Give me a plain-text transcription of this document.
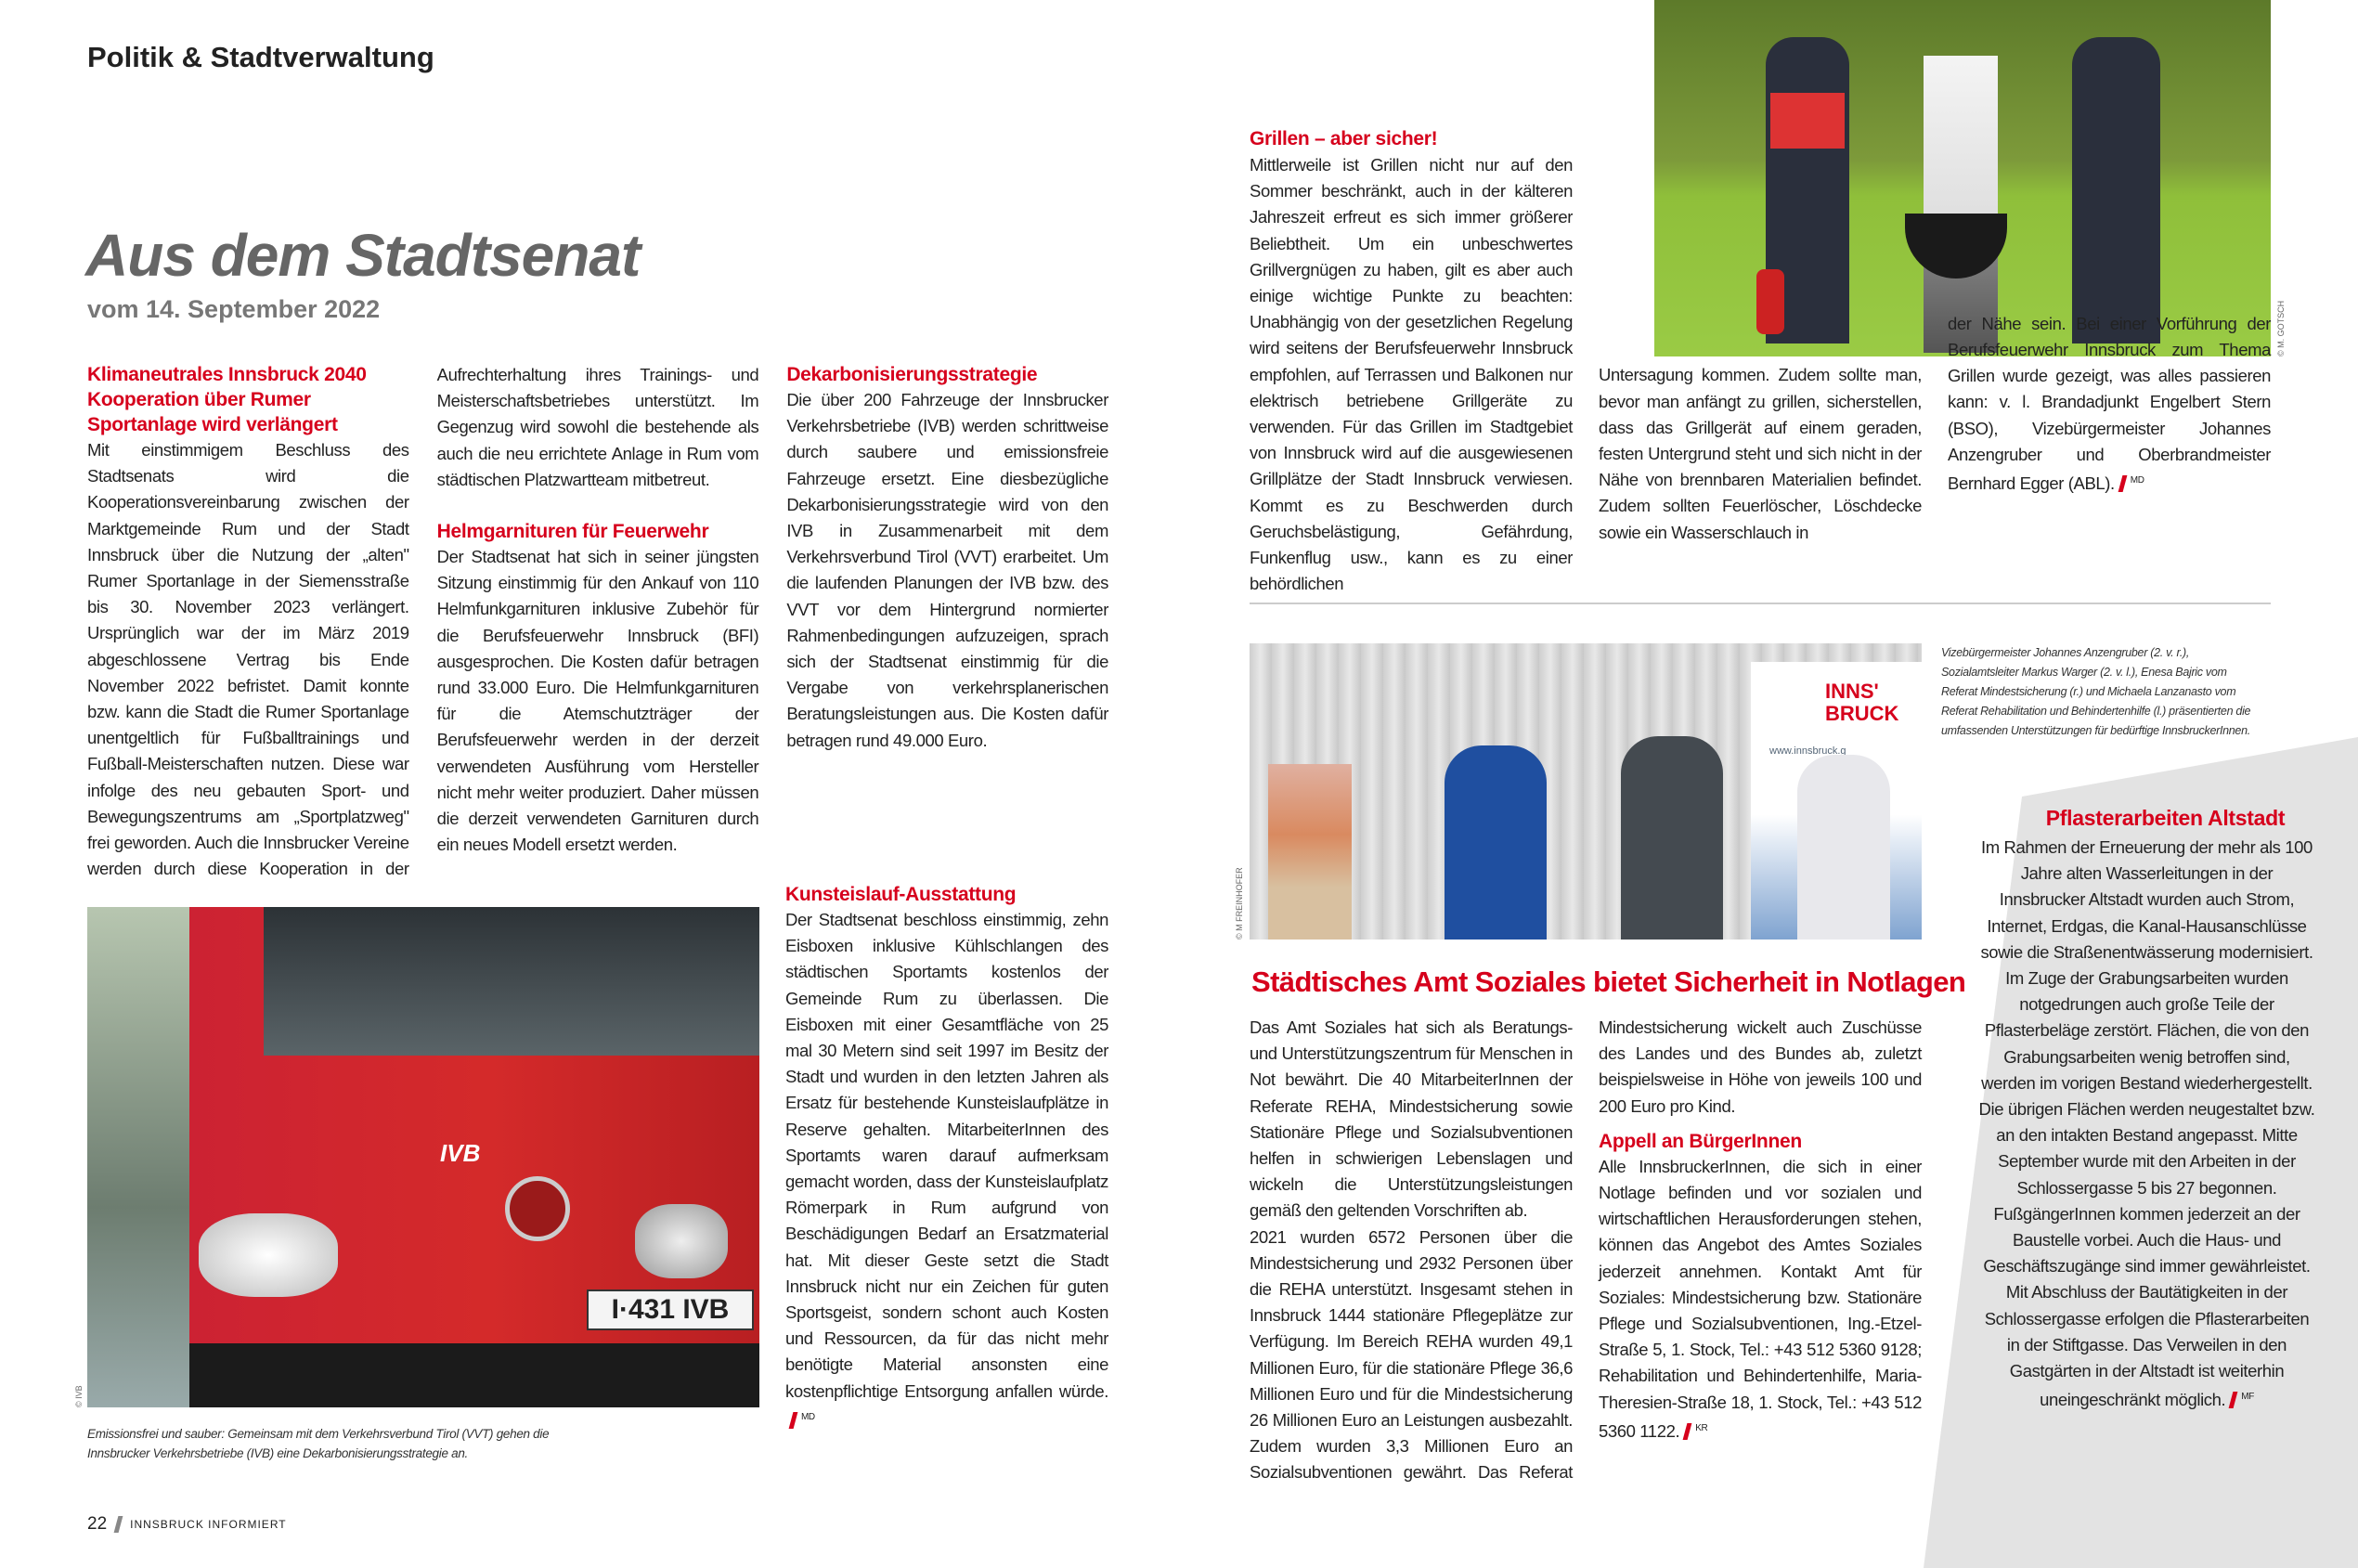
Politik & Stadtverwaltung
Aus dem Stadtsenat
vom 14. September 2022
Klimaneutrales Innsbruck 2040 Kooperation über Rumer Sportanlage wird verlängert

Mit einstimmigem Beschluss des Stadtsenats wird die Kooperationsvereinbarung zwischen der Marktgemeinde Rum und der Stadt Innsbruck über die Nutzung der „alten" Rumer Sportanlage in der Siemensstraße bis 30. November 2023 verlängert. Ursprünglich war der im März 2019 abgeschlossene Vertrag bis Ende November 2022 befristet. Damit konnte bzw. kann die Stadt die Rumer Sportanlage unentgeltlich für Fußballtrainings und Fußball-Meisterschaften nutzen. Diese war infolge des neu gebauten Sport- und Bewegungszentrums am „Sportplatzweg" frei geworden. Auch die Innsbrucker Vereine werden durch diese Kooperation in der Aufrechterhaltung ihres Trainings- und Meisterschaftsbetriebes unterstützt. Im Gegenzug wird sowohl die bestehende als auch die neu errichtete Anlage in Rum vom städtischen Platzwartteam mitbetreut.

Helmgarnituren für Feuerwehr

Der Stadtsenat hat sich in seiner jüngsten Sitzung einstimmig für den Ankauf von 110 Helmfunkgarnituren inklusive Zubehör für die Berufsfeuerwehr Innsbruck (BFI) ausgesprochen. Die Kosten dafür betragen rund 33.000 Euro. Die Helmfunkgarnituren für die Atemschutzträger der Berufsfeuerwehr werden in der derzeit verwendeten Ausführung vom Hersteller nicht mehr weiter produziert. Daher müssen die derzeit verwendeten Garnituren durch ein neues Modell ersetzt werden.

Dekarbonisierungsstrategie

Die über 200 Fahrzeuge der Innsbrucker Verkehrsbetriebe (IVB) werden schrittweise durch saubere und emissionsfreie Fahrzeuge ersetzt. Eine diesbezügliche Dekarbonisierungsstrategie wird von den IVB in Zusammenarbeit mit dem Verkehrsverbund Tirol (VVT) erarbeitet. Um die laufenden Planungen der IVB bzw. des VVT vor dem Hintergrund normierter Rahmenbedingungen aufzuzeigen, sprach sich der Stadtsenat einstimmig für die Vergabe von verkehrsplanerischen Beratungsleistungen aus. Die Kosten dafür betragen rund 49.000 Euro.

Kunsteislauf-Ausstattung

Der Stadtsenat beschloss einstimmig, zehn Eisboxen inklusive Kühlschlangen des städtischen Sportamts kostenlos der Gemeinde Rum zu überlassen. Die Eisboxen mit einer Gesamtfläche von 25 mal 30 Metern sind seit 1997 im Besitz der Stadt und wurden in den letzten Jahren als Ersatz für bestehende Kunsteislaufplätze in Reserve gehalten. MitarbeiterInnen des Sportamts waren darauf aufmerksam gemacht worden, dass der Kunsteislaufplatz Römerpark in Rum aufgrund von Beschädigungen Bedarf an Ersatzmaterial hat. Mit dieser Geste setzt die Stadt Innsbruck nicht nur ein Zeichen für guten Sportsgeist, sondern schont auch Kosten und Ressourcen, da für das nicht mehr benötigte Material ansonsten eine kostenpflichtige Entsorgung anfallen würde.$^{MD}$

IVB
I·431 IVB
© IVB
Emissionsfrei und sauber: Gemeinsam mit dem Verkehrsverbund Tirol (VVT) gehen die Innsbrucker Verkehrsbetriebe (IVB) eine Dekarbonisierungsstrategie an.
22 INNSBRUCK INFORMIERT
© M. GOTSCH
Grillen – aber sicher!
Mittlerweile ist Grillen nicht nur auf den Sommer beschränkt, auch in der kälteren Jahreszeit erfreut es sich immer größerer Beliebtheit. Um ein unbeschwertes Grillvergnügen zu haben, gilt es aber auch einige wichtige Punkte zu beachten: Unabhängig von der gesetzlichen Regelung wird seitens der Berufsfeuerwehr Innsbruck empfohlen, auf Terrassen und Balkonen nur elektrisch betriebene Grillgeräte zu verwenden. Für das Grillen im Stadtgebiet von Innsbruck wird auf die ausgewiesenen Grillplätze der Stadt Innsbruck verwiesen. Kommt es zu Beschwerden durch Geruchsbelästigung, Gefährdung, Funkenflug usw., kann es zu einer behördlichen
Untersagung kommen. Zudem sollte man, bevor man anfängt zu grillen, sicherstellen, dass das Grillgerät auf einem geraden, festen Untergrund steht und sich nicht in der Nähe von brennbaren Materialien befindet. Zudem sollten Feuerlöscher, Löschdecke sowie ein Wasserschlauch in
der Nähe sein. Bei einer Vorführung der Berufsfeuerwehr Innsbruck zum Thema Grillen wurde gezeigt, was alles passieren kann: v. l. Brandadjunkt Engelbert Stern (BSO), Vizebürgermeister Johannes Anzengruber und Oberbrandmeister Bernhard Egger (ABL). $^{MD}$
INNS' BRUCK
www.innsbruck.g
© M FREINHOFER
Vizebürgermeister Johannes Anzengruber (2. v. r.), Sozialamtsleiter Markus Warger (2. v. l.), Enesa Bajric vom Referat Mindestsicherung (r.) und Michaela Lanzanasto vom Referat Rehabilitation und Behindertenhilfe (l.) präsentierten die umfassenden Unterstützungen für bedürftige InnsbruckerInnen.
Städtisches Amt Soziales bietet Sicherheit in Notlagen

Das Amt Soziales hat sich als Beratungs- und Unterstützungszentrum für Menschen in Not bewährt. Die 40 MitarbeiterInnen der Referate REHA, Mindestsicherung sowie Stationäre Pflege und Sozialsubventionen helfen in schwierigen Lebenslagen und wickeln die Unterstützungsleistungen gemäß den geltenden Vorschriften ab.

2021 wurden 6572 Personen über die Mindestsicherung und 2932 Personen über die REHA unterstützt. Insgesamt stehen in Innsbruck 1444 stationäre Pflegeplätze zur Verfügung. Im Bereich REHA wurden 49,1 Millionen Euro, für die stationäre Pflege 36,6 Millionen Euro und für die Mindestsicherung 26 Millionen Euro an Leistungen ausbezahlt. Zudem wurden 3,3 Millionen Euro an Sozialsubventionen gewährt. Das Referat Mindestsicherung wickelt auch Zuschüsse des Landes und des Bundes ab, zuletzt beispielsweise in Höhe von jeweils 100 und 200 Euro pro Kind.

Appell an BürgerInnen

Alle InnsbruckerInnen, die sich in einer Notlage befinden und vor sozialen und wirtschaftlichen Herausforderungen stehen, können das Angebot des Amtes Soziales jederzeit annehmen. Kontakt Amt für Soziales: Mindestsicherung bzw. Stationäre Pflege und Sozialsubventionen, Ing.-Etzel- Straße 5, 1. Stock, Tel.: +43 512 5360 9128; Rehabilitation und Behindertenhilfe, Maria-Theresien-Straße 18, 1. Stock, Tel.: +43 512 5360 1122. $^{KR}$

Pflasterarbeiten Altstadt

Im Rahmen der Erneuerung der mehr als 100 Jahre alten Wasserleitungen in der Innsbrucker Altstadt wurden auch Strom, Internet, Erdgas, die Kanal-Hausanschlüsse sowie die Straßenentwässerung modernisiert. Im Zuge der Grabungsarbeiten wurden notgedrungen auch große Teile der Pflasterbeläge zerstört. Flächen, die von den Grabungsarbeiten wenig betroffen sind, werden im vorigen Bestand wiederhergestellt. Die übrigen Flächen werden neugestaltet bzw. an den intakten Bestand angepasst. Mitte September wurde mit den Arbeiten in der Schlossergasse 5 bis 27 begonnen. FußgängerInnen kommen jederzeit an der Baustelle vorbei. Auch die Haus- und Geschäftszugänge sind immer gewährleistet. Mit Abschluss der Bautätigkeiten in der Schlossergasse erfolgen die Pflasterarbeiten in der Stiftgasse. Das Verweilen in den Gastgärten in der Altstadt ist weiterhin uneingeschränkt möglich. $^{MF}$
